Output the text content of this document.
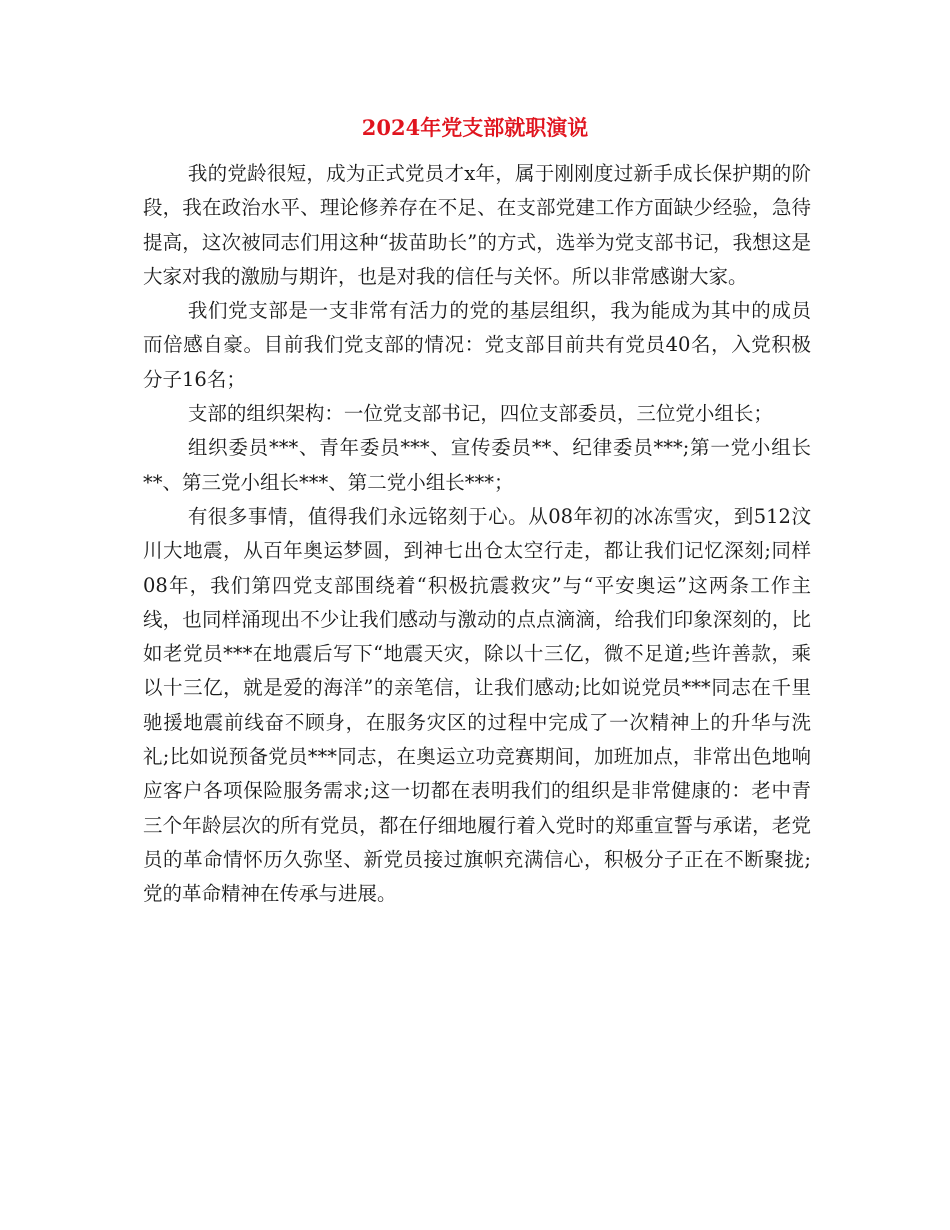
2024年党支部就职演说

我的党龄很短，成为正式党员才x年，属于刚刚度过新手成长保护期的阶段，我在政治水平、理论修养存在不足、在支部党建工作方面缺少经验，急待提高，这次被同志们用这种“拔苗助长”的方式，选举为党支部书记，我想这是大家对我的激励与期许，也是对我的信任与关怀。所以非常感谢大家。

我们党支部是一支非常有活力的党的基层组织，我为能成为其中的成员而倍感自豪。目前我们党支部的情况：党支部目前共有党员40名，入党积极分子16名；

支部的组织架构：一位党支部书记，四位支部委员，三位党小组长；

组织委员***、青年委员***、宣传委员**、纪律委员***;第一党小组长**、第三党小组长***、第二党小组长***；

有很多事情，值得我们永远铭刻于心。从08年初的冰冻雪灾，到512汶川大地震，从百年奥运梦圆，到神七出仓太空行走，都让我们记忆深刻;同样08年，我们第四党支部围绕着“积极抗震救灾”与“平安奥运”这两条工作主线，也同样涌现出不少让我们感动与激动的点点滴滴，给我们印象深刻的，比如老党员***在地震后写下“地震天灾，除以十三亿，微不足道;些许善款，乘以十三亿，就是爱的海洋”的亲笔信，让我们感动;比如说党员***同志在千里驰援地震前线奋不顾身，在服务灾区的过程中完成了一次精神上的升华与洗礼;比如说预备党员***同志，在奥运立功竞赛期间，加班加点，非常出色地响应客户各项保险服务需求;这一切都在表明我们的组织是非常健康的：老中青三个年龄层次的所有党员，都在仔细地履行着入党时的郑重宣誓与承诺，老党员的革命情怀历久弥坚、新党员接过旗帜充满信心，积极分子正在不断聚拢;党的革命精神在传承与进展。
